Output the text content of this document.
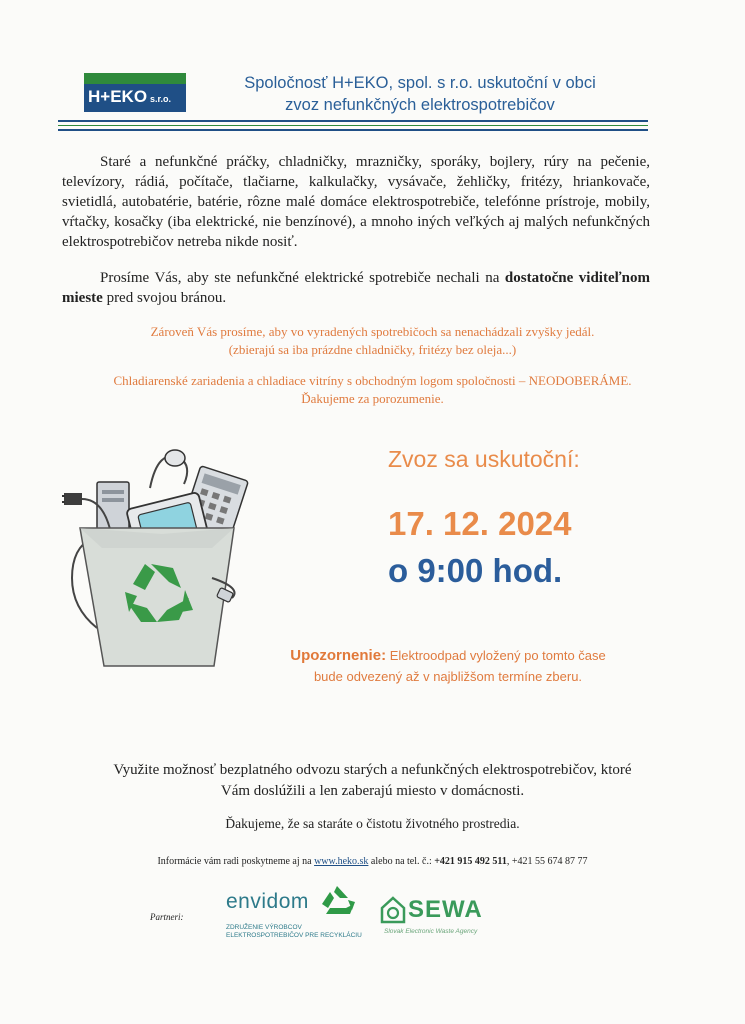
H+EKO s.r.o.
Spoločnosť H+EKO, spol. s r.o. uskutoční v obci
zvoz nefunkčných elektrospotrebičov
Staré a nefunkčné práčky, chladničky, mrazničky, sporáky, bojlery, rúry na pečenie, televízory, rádiá, počítače, tlačiarne, kalkulačky, vysávače, žehličky, fritézy, hriankovače, svietidlá, autobatérie, batérie, rôzne malé domáce elektrospotrebiče, telefónne prístroje, mobily, vŕtačky, kosačky (iba elektrické, nie benzínové), a mnoho iných veľkých aj malých nefunkčných elektrospotrebičov netreba nikde nosiť.
Prosíme Vás, aby ste nefunkčné elektrické spotrebiče nechali na dostatočne viditeľnom mieste pred svojou bránou.
Zároveň Vás prosíme, aby vo vyradených spotrebičoch sa nenachádzali zvyšky jedál.
(zbierajú sa iba prázdne chladničky, fritézy bez oleja...)
Chladiarenské zariadenia a chladiace vitríny s obchodným logom spoločnosti – NEODOBERÁME.
Ďakujeme za porozumenie.
Zvoz sa uskutoční:
17. 12. 2024
o 9:00 hod.
Upozornenie: Elektroodpad vyložený po tomto čase
bude odvezený až v najbližšom termíne zberu.
Využite možnosť bezplatného odvozu starých a nefunkčných elektrospotrebičov, ktoré
Vám doslúžili a len zaberajú miesto v domácnosti.
Ďakujeme, že sa staráte o čistotu životného prostredia.
Informácie vám radi poskytneme aj na www.heko.sk alebo na tel. č.: +421 915 492 511, +421 55 674 87 77
Partneri:
envidom
ZDRUŽENIE VÝROBCOV
ELEKTROSPOTREBIČOV PRE RECYKLÁCIU
SEWA
Slovak Electronic Waste Agency
